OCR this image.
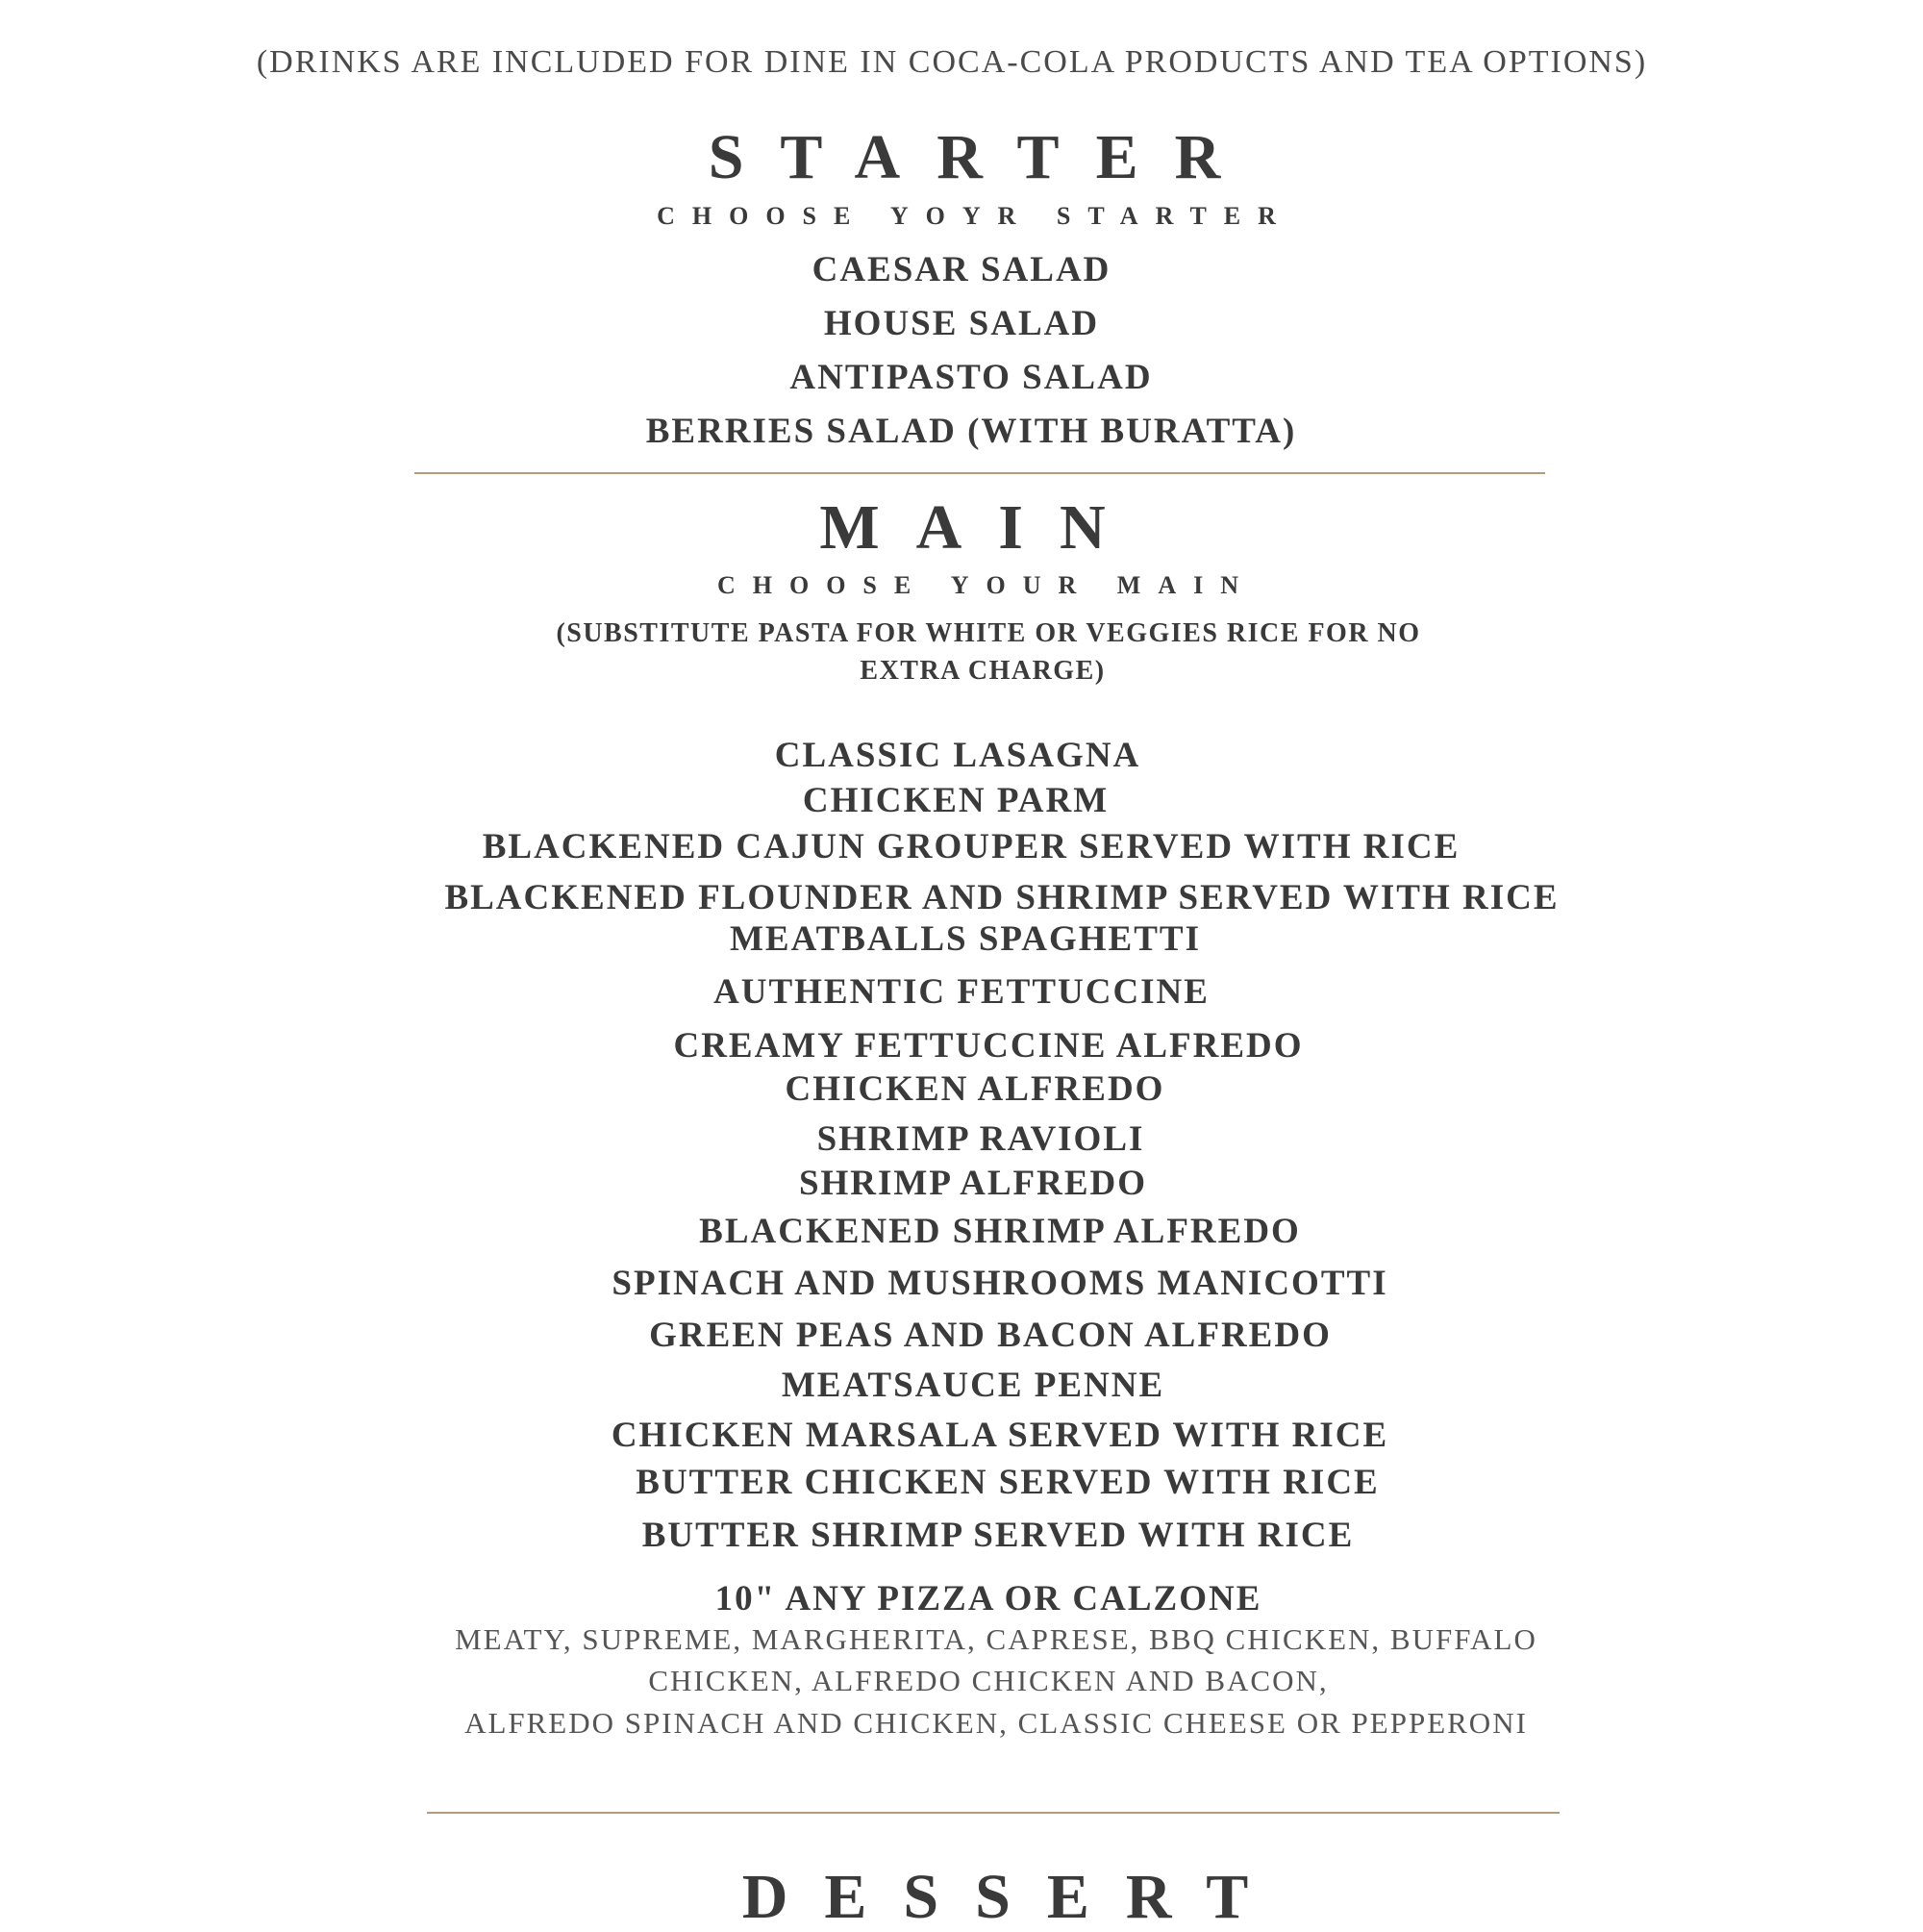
(DRINKS ARE INCLUDED FOR DINE IN COCA-COLA PRODUCTS AND TEA OPTIONS)
STARTER
CHOOSE YOYR STARTER
CAESAR SALAD
HOUSE SALAD
ANTIPASTO SALAD
BERRIES SALAD (WITH BURATTA)
MAIN
CHOOSE YOUR MAIN
(SUBSTITUTE PASTA FOR WHITE OR VEGGIES RICE FOR NO
EXTRA CHARGE)
CLASSIC LASAGNA
CHICKEN PARM
BLACKENED CAJUN GROUPER SERVED WITH RICE
BLACKENED FLOUNDER AND SHRIMP SERVED WITH RICE
MEATBALLS SPAGHETTI
AUTHENTIC FETTUCCINE
CREAMY FETTUCCINE ALFREDO
CHICKEN ALFREDO
SHRIMP RAVIOLI
SHRIMP ALFREDO
BLACKENED SHRIMP ALFREDO
SPINACH AND MUSHROOMS MANICOTTI
GREEN PEAS AND BACON ALFREDO
MEATSAUCE PENNE
CHICKEN MARSALA SERVED WITH RICE
BUTTER CHICKEN SERVED WITH RICE
BUTTER SHRIMP SERVED WITH RICE
10" ANY PIZZA OR CALZONE
MEATY, SUPREME, MARGHERITA, CAPRESE, BBQ CHICKEN, BUFFALO
CHICKEN, ALFREDO CHICKEN AND BACON,
ALFREDO SPINACH AND CHICKEN, CLASSIC CHEESE OR PEPPERONI
DESSERT
